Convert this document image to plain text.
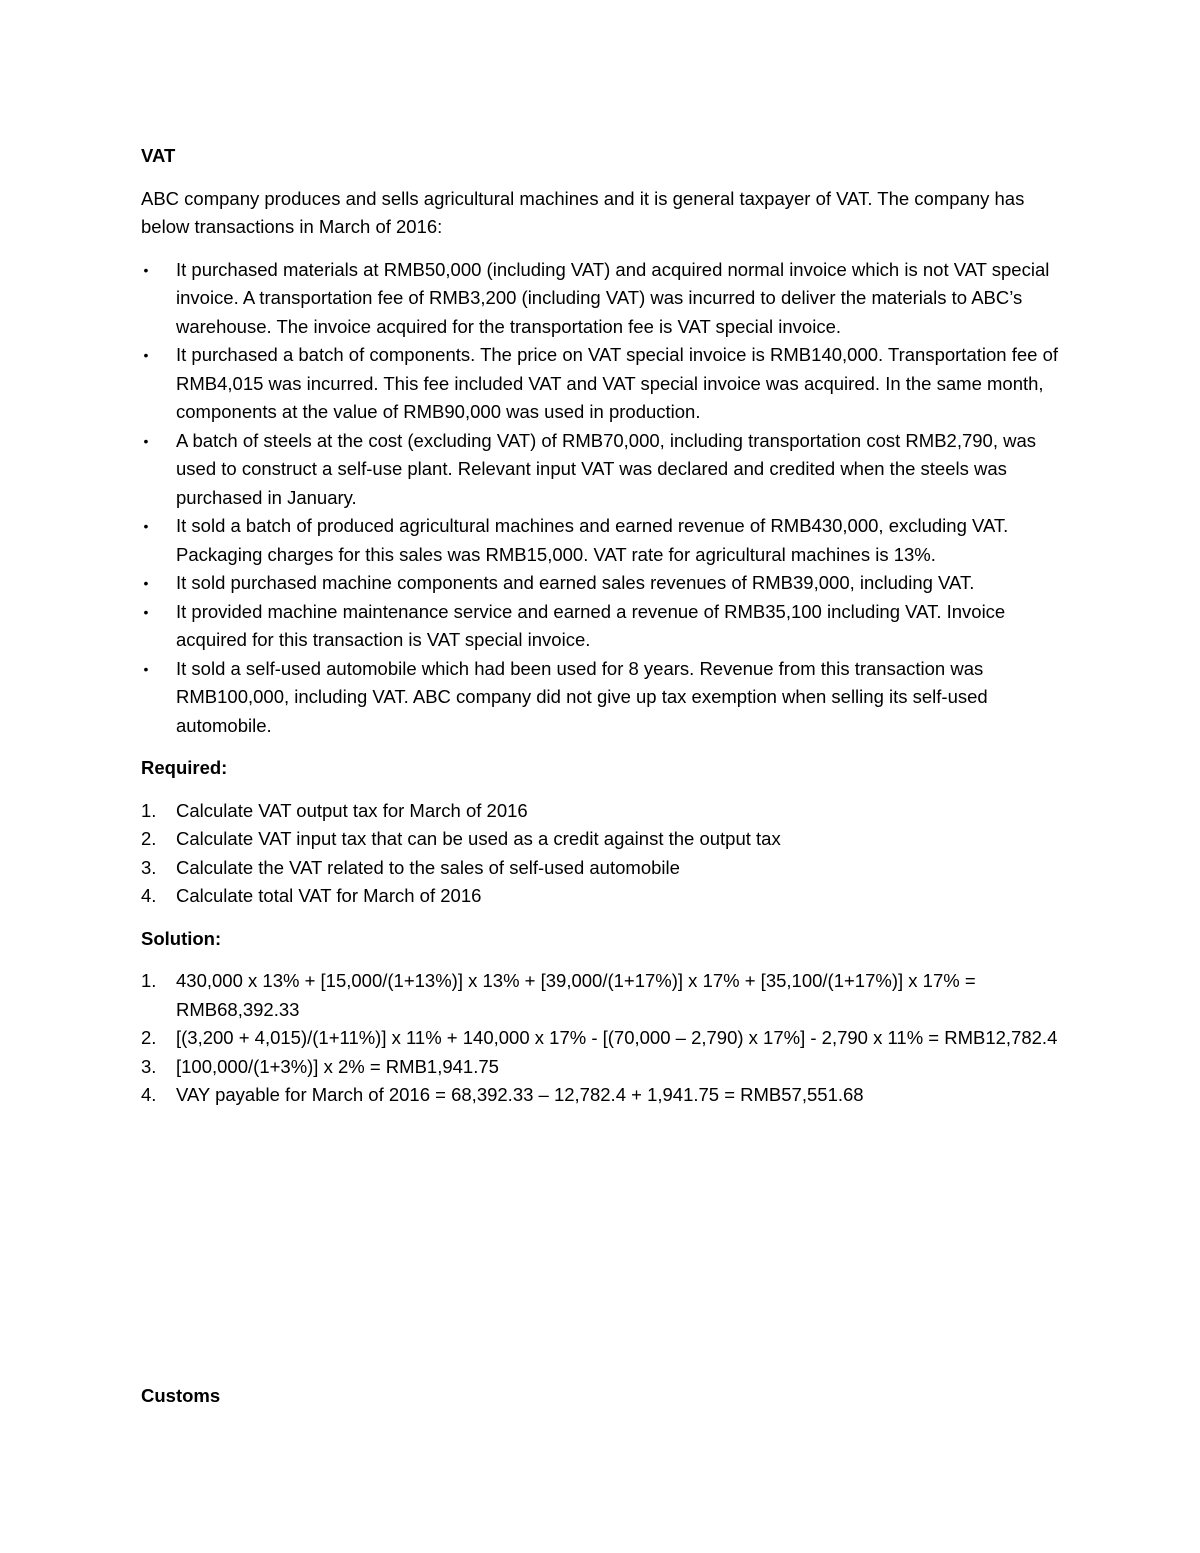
VAT

ABC company produces and sells agricultural machines and it is general taxpayer of VAT. The company has below transactions in March of 2016:

• It purchased materials at RMB50,000 (including VAT) and acquired normal invoice which is not VAT special invoice. A transportation fee of RMB3,200 (including VAT) was incurred to deliver the materials to ABC’s warehouse. The invoice acquired for the transportation fee is VAT special invoice.
• It purchased a batch of components. The price on VAT special invoice is RMB140,000. Transportation fee of RMB4,015 was incurred. This fee included VAT and VAT special invoice was acquired. In the same month, components at the value of RMB90,000 was used in production.
• A batch of steels at the cost (excluding VAT) of RMB70,000, including transportation cost RMB2,790, was used to construct a self-use plant. Relevant input VAT was declared and credited when the steels was purchased in January.
• It sold a batch of produced agricultural machines and earned revenue of RMB430,000, excluding VAT. Packaging charges for this sales was RMB15,000. VAT rate for agricultural machines is 13%.
• It sold purchased machine components and earned sales revenues of RMB39,000, including VAT.
• It provided machine maintenance service and earned a revenue of RMB35,100 including VAT. Invoice acquired for this transaction is VAT special invoice.
• It sold a self-used automobile which had been used for 8 years. Revenue from this transaction was RMB100,000, including VAT. ABC company did not give up tax exemption when selling its self-used automobile.

Required:

1. Calculate VAT output tax for March of 2016
2. Calculate VAT input tax that can be used as a credit against the output tax
3. Calculate the VAT related to the sales of self-used automobile
4. Calculate total VAT for March of 2016

Solution:

1. 430,000 x 13% + [15,000/(1+13%)] x 13% + [39,000/(1+17%)] x 17% + [35,100/(1+17%)] x 17% = RMB68,392.33
2. [(3,200 + 4,015)/(1+11%)] x 11% + 140,000 x 17% - [(70,000 – 2,790) x 17%] - 2,790 x 11% = RMB12,782.4
3. [100,000/(1+3%)] x 2% = RMB1,941.75
4. VAY payable for March of 2016 = 68,392.33 – 12,782.4 + 1,941.75 = RMB57,551.68

Customs
